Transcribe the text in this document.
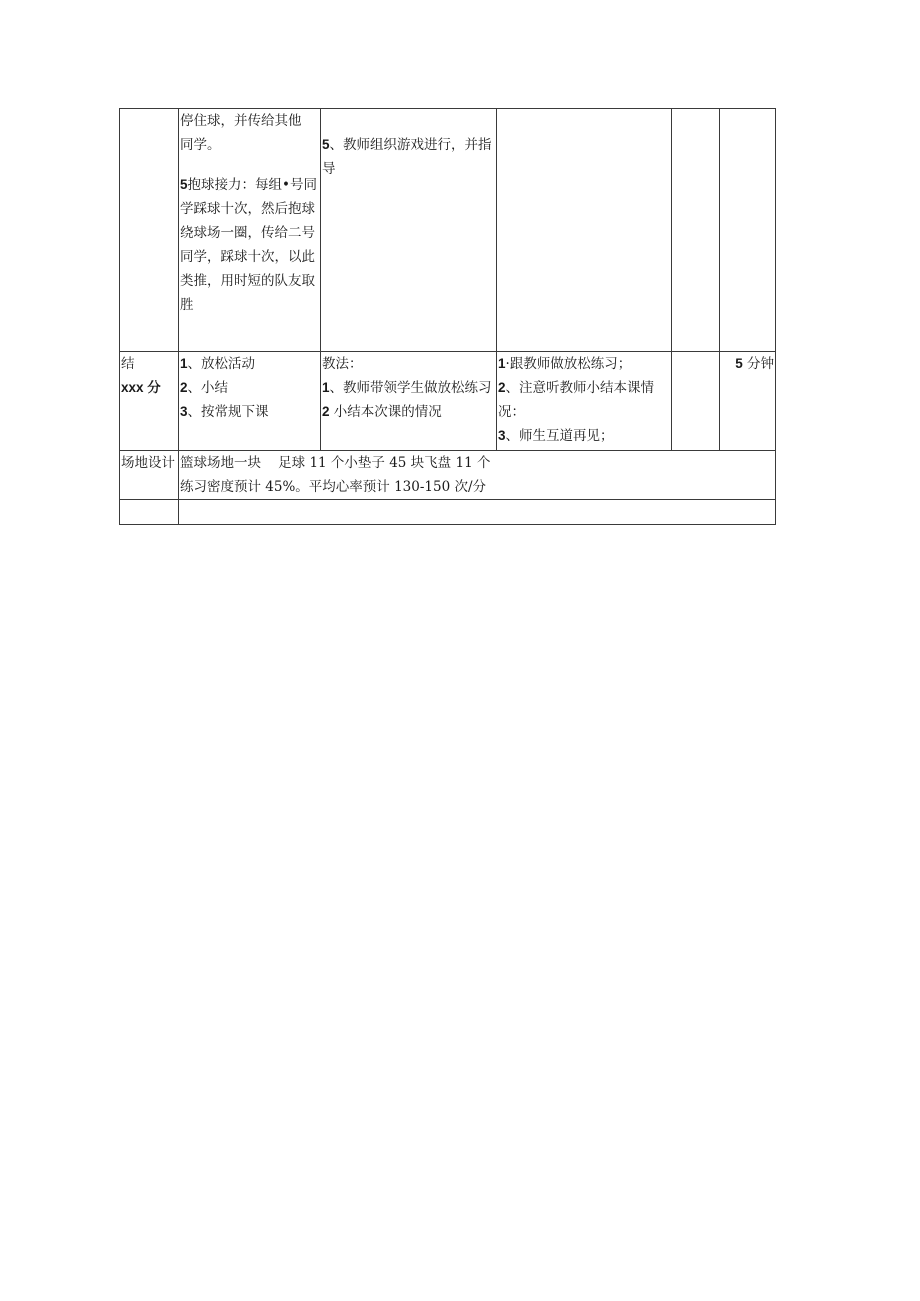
	停住球，并传给其他
同学。
5抱球接力：每组•号同学踩球十次，然后抱球绕球场一圈，传给二号同学，踩球十次，以此类推，用时短的队友取胜	5、教师组织游戏进行，并指导			

结
xxx 分	1、放松活动
2、小结
3、按常规下课	教法：
1、教师带领学生做放松练习
2 小结本次课的情况	1·跟教师做放松练习；
2、注意听教师小结本课情况：
3、师生互道再见；		5 分钟

场地设计	篮球场地一块    足球 11 个小垫子 45 块飞盘 11 个
练习密度预计 45%。平均心率预计 130-150 次/分				
